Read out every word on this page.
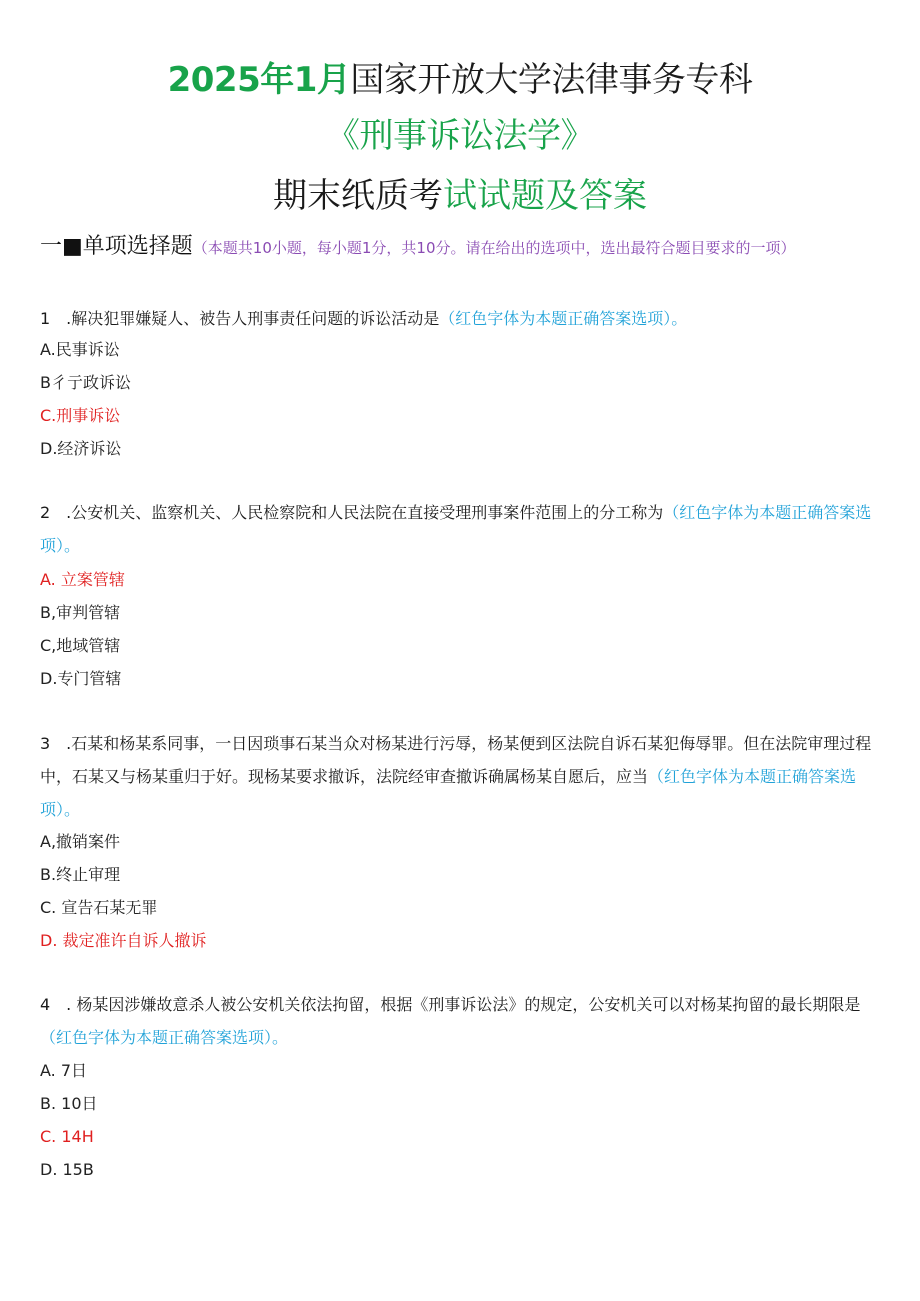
2025年1月国家开放大学法律事务专科《刑事诉讼法学》
期末纸质考试试题及答案
一■单项选择题（本题共10小题，每小题1分，共10分。请在给出的选项中，选出最符合题目要求的一项）
1　.解决犯罪嫌疑人、被告人刑事责任问题的诉讼活动是（红色字体为本题正确答案选项）。
A.民事诉讼
B彳亍政诉讼
C.刑事诉讼
D.经济诉讼
2　.公安机关、监察机关、人民检察院和人民法院在直接受理刑事案件范围上的分工称为（红色字体为本题正确答案选项）。
A. 立案管辖
B,审判管辖
C,地域管辖
D.专门管辖
3　.石某和杨某系同事，一日因琐事石某当众对杨某进行污辱，杨某便到区法院自诉石某犯侮辱罪。但在法院审理过程中，石某又与杨某重归于好。现杨某要求撤诉，法院经审查撤诉确属杨某自愿后，应当（红色字体为本题正确答案选项）。
A,撤销案件
B.终止审理
C. 宣告石某无罪
D. 裁定准许自诉人撤诉
4　. 杨某因涉嫌故意杀人被公安机关依法拘留，根据《刑事诉讼法》的规定，公安机关可以对杨某拘留的最长期限是（红色字体为本题正确答案选项）。
A. 7日
B. 10日
C. 14H
D. 15B
